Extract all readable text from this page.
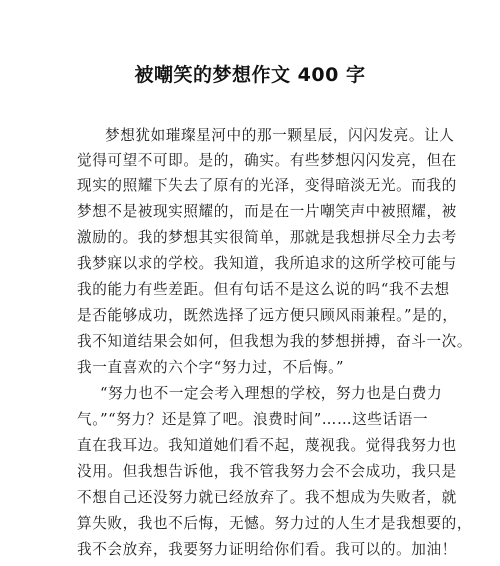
被嘲笑的梦想作文 400 字
梦想犹如璀璨星河中的那一颗星辰，闪闪发亮。让人
觉得可望不可即。是的，确实。有些梦想闪闪发亮，但在
现实的照耀下失去了原有的光泽，变得暗淡无光。而我的
梦想不是被现实照耀的，而是在一片嘲笑声中被照耀，被
激励的。我的梦想其实很简单，那就是我想拼尽全力去考
我梦寐以求的学校。我知道，我所追求的这所学校可能与
我的能力有些差距。但有句话不是这么说的吗“我不去想
是否能够成功，既然选择了远方便只顾风雨兼程。”是的，
我不知道结果会如何，但我想为我的梦想拼搏，奋斗一次。
我一直喜欢的六个字“努力过，不后悔。”
“努力也不一定会考入理想的学校，努力也是白费力
气。”“努力？还是算了吧。浪费时间”……这些话语一
直在我耳边。我知道她们看不起，蔑视我。觉得我努力也
没用。但我想告诉他，我不管我努力会不会成功，我只是
不想自己还没努力就已经放弃了。我不想成为失败者，就
算失败，我也不后悔，无憾。努力过的人生才是我想要的，
我不会放弃，我要努力证明给你们看。我可以的。加油！
